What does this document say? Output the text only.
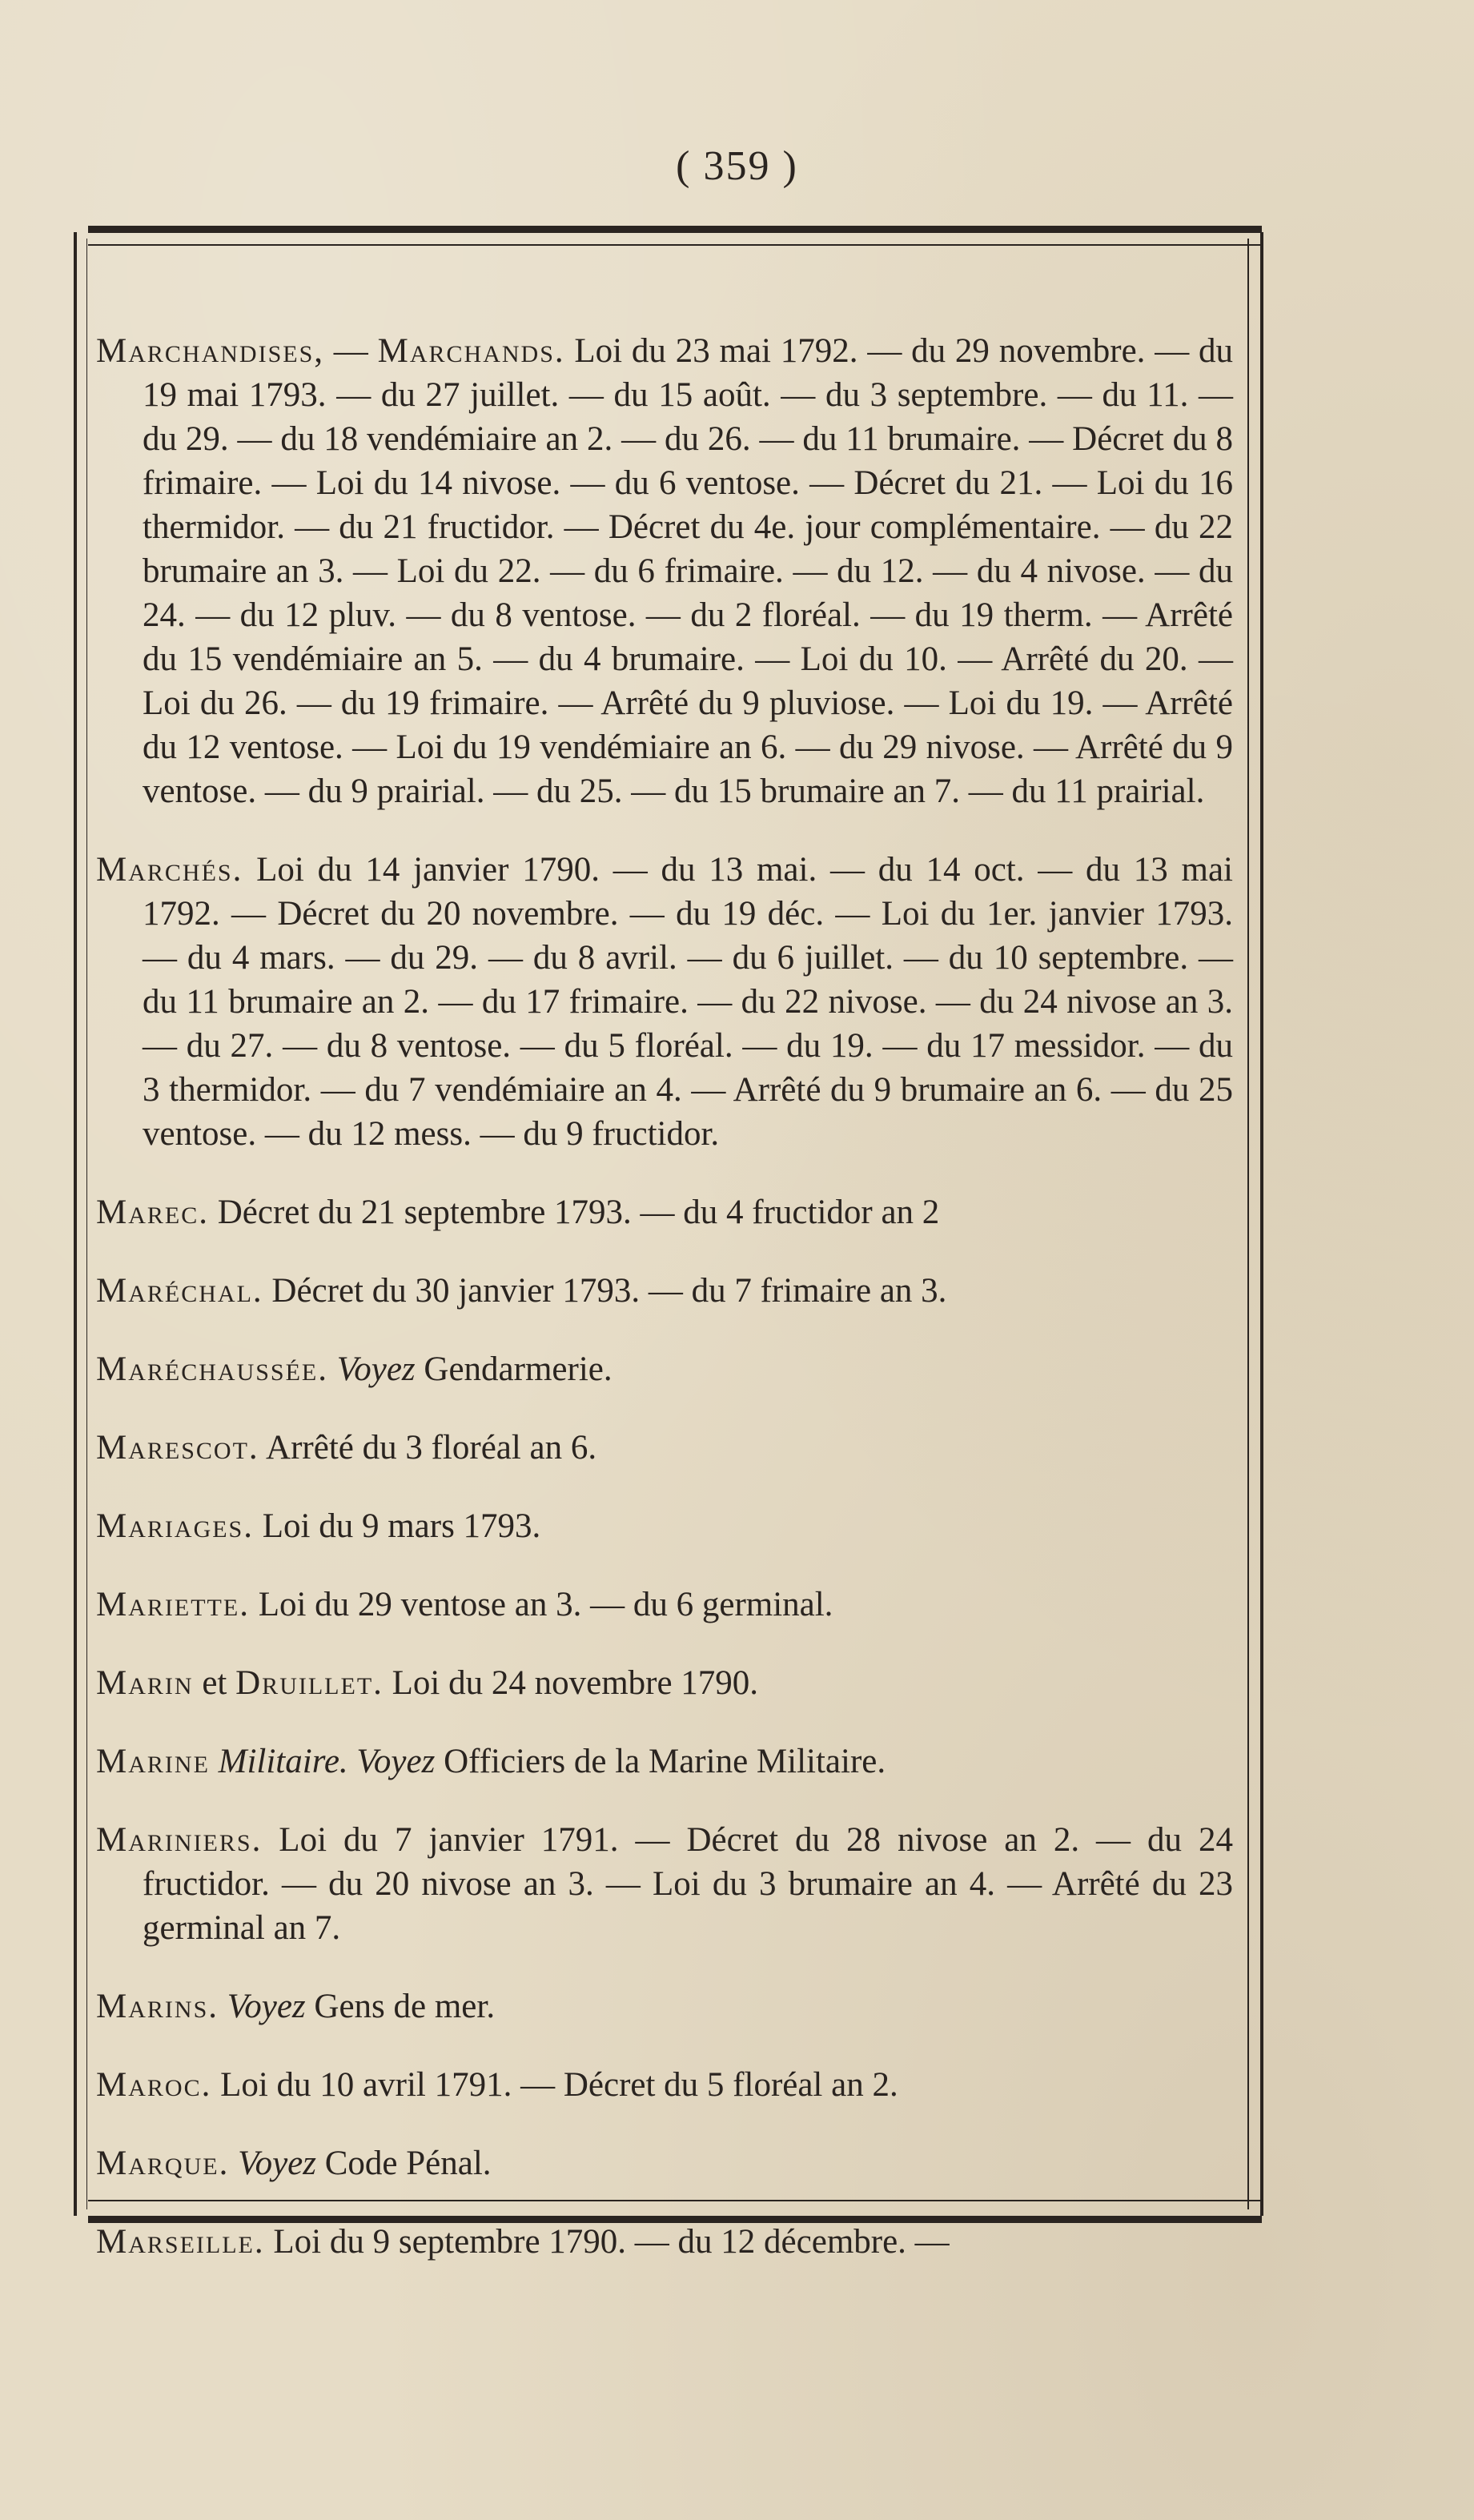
( 359 )

Marchandises, — Marchands. Loi du 23 mai 1792. — du 29 novembre. — du 19 mai 1793. — du 27 juillet. — du 15 août. — du 3 septembre. — du 11. — du 29. — du 18 vendémiaire an 2. — du 26. — du 11 brumaire. — Décret du 8 frimaire. — Loi du 14 nivose. — du 6 ventose. — Décret du 21. — Loi du 16 thermidor. — du 21 fructidor. — Décret du 4e. jour complémentaire. — du 22 brumaire an 3. — Loi du 22. — du 6 frimaire. — du 12. — du 4 nivose. — du 24. — du 12 pluv. — du 8 ventose. — du 2 floréal. — du 19 therm. — Arrêté du 15 vendémiaire an 5. — du 4 brumaire. — Loi du 10. — Arrêté du 20. — Loi du 26. — du 19 frimaire. — Arrêté du 9 pluviose. — Loi du 19. — Arrêté du 12 ventose. — Loi du 19 vendémiaire an 6. — du 29 nivose. — Arrêté du 9 ventose. — du 9 prairial. — du 25. — du 15 brumaire an 7. — du 11 prairial.

Marchés. Loi du 14 janvier 1790. — du 13 mai. — du 14 oct. — du 13 mai 1792. — Décret du 20 novembre. — du 19 déc. — Loi du 1er. janvier 1793. — du 4 mars. — du 29. — du 8 avril. — du 6 juillet. — du 10 septembre. — du 11 brumaire an 2. — du 17 frimaire. — du 22 nivose. — du 24 nivose an 3. — du 27. — du 8 ventose. — du 5 floréal. — du 19. — du 17 messidor. — du 3 thermidor. — du 7 vendémiaire an 4. — Arrêté du 9 brumaire an 6. — du 25 ventose. — du 12 mess. — du 9 fructidor.

Marec. Décret du 21 septembre 1793. — du 4 fructidor an 2

Maréchal. Décret du 30 janvier 1793. — du 7 frimaire an 3.

Maréchaussée. Voyez Gendarmerie.

Marescot. Arrêté du 3 floréal an 6.

Mariages. Loi du 9 mars 1793.

Mariette. Loi du 29 ventose an 3. — du 6 germinal.

Marin et Druillet. Loi du 24 novembre 1790.

Marine Militaire. Voyez Officiers de la Marine Militaire.

Mariniers. Loi du 7 janvier 1791. — Décret du 28 nivose an 2. — du 24 fructidor. — du 20 nivose an 3. — Loi du 3 brumaire an 4. — Arrêté du 23 germinal an 7.

Marins. Voyez Gens de mer.

Maroc. Loi du 10 avril 1791. — Décret du 5 floréal an 2.

Marque. Voyez Code Pénal.

Marseille. Loi du 9 septembre 1790. — du 12 décembre. —
